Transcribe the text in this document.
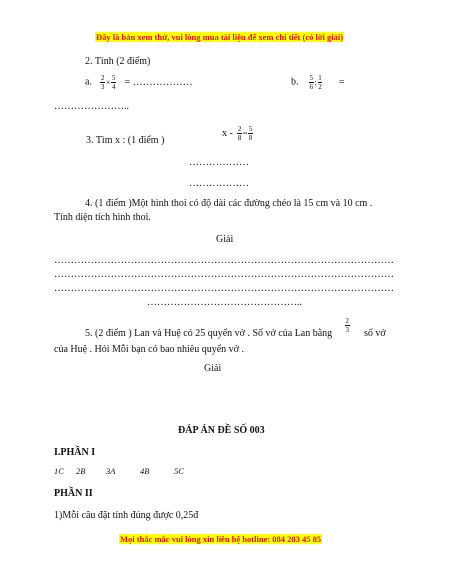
Đây là bản xem thử, vui lòng mua tài liệu để xem chi tiết (có lời giải)
2. Tính (2 điểm)
a. $\frac{2}{3} \times \frac{5}{4}$ = ………………	b. $\frac{5}{6}$ : $\frac{1}{2}$ =
…………………..
3. Tìm x : (1 điểm )
$x - \frac{2}{8} = \frac{5}{8}$
………………
………………
4. (1 điểm )Một hình thoi có độ dài các đường chéo là 15 cm và 10 cm .
Tính diện tích hình thoi.
Giải
…………………………………………………………………………………………
…………………………………………………………………………………………
…………………………………………………………………………………………
………………………………………..
5. (2 điểm ) Lan và Huệ có 25 quyển vở . Số vở của Lan bằng $\frac{2}{3}$ số vở
của Huệ . Hỏi Mỗi bạn có bao nhiêu quyển vở .
Giải
ĐÁP ÁN ĐỀ SỐ 003
I.PHẦN I
1C 2B 3A	4B	5C
PHẦN II
1)Mỗi câu đặt tính đúng được 0,25đ
Mọi thắc mắc vui lòng xin liên hệ hotline: 084 283 45 85
